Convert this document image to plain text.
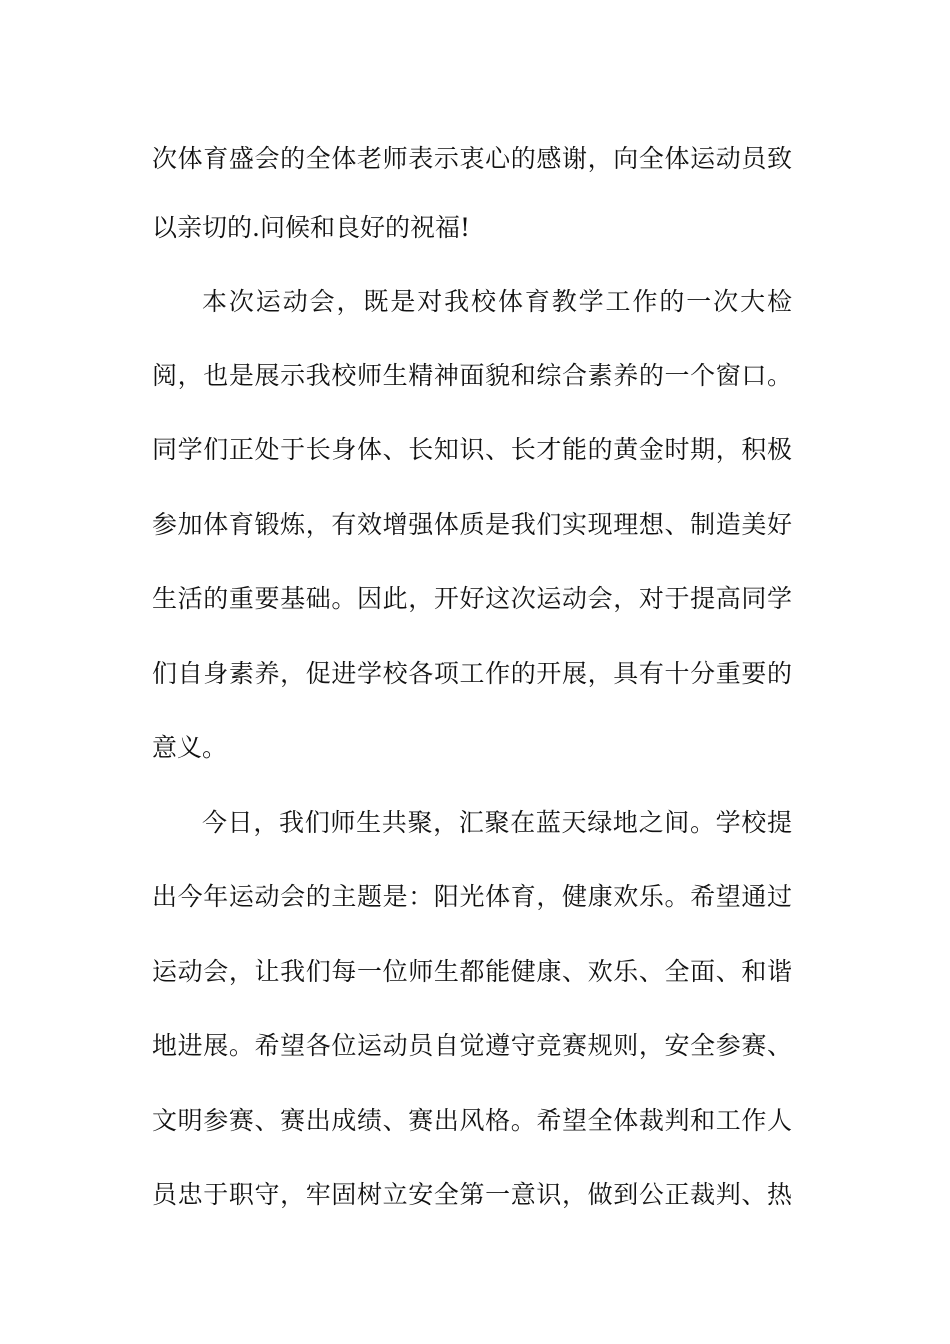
次体育盛会的全体老师表示衷心的感谢，向全体运动员致
以亲切的.问候和良好的祝福!
本次运动会，既是对我校体育教学工作的一次大检
阅，也是展示我校师生精神面貌和综合素养的一个窗口。
同学们正处于长身体、长知识、长才能的黄金时期，积极
参加体育锻炼，有效增强体质是我们实现理想、制造美好
生活的重要基础。因此，开好这次运动会，对于提高同学
们自身素养，促进学校各项工作的开展，具有十分重要的
意义。
今日，我们师生共聚，汇聚在蓝天绿地之间。学校提
出今年运动会的主题是：阳光体育，健康欢乐。希望通过
运动会，让我们每一位师生都能健康、欢乐、全面、和谐
地进展。希望各位运动员自觉遵守竞赛规则，安全参赛、
文明参赛、赛出成绩、赛出风格。希望全体裁判和工作人
员忠于职守，牢固树立安全第一意识，做到公正裁判、热
